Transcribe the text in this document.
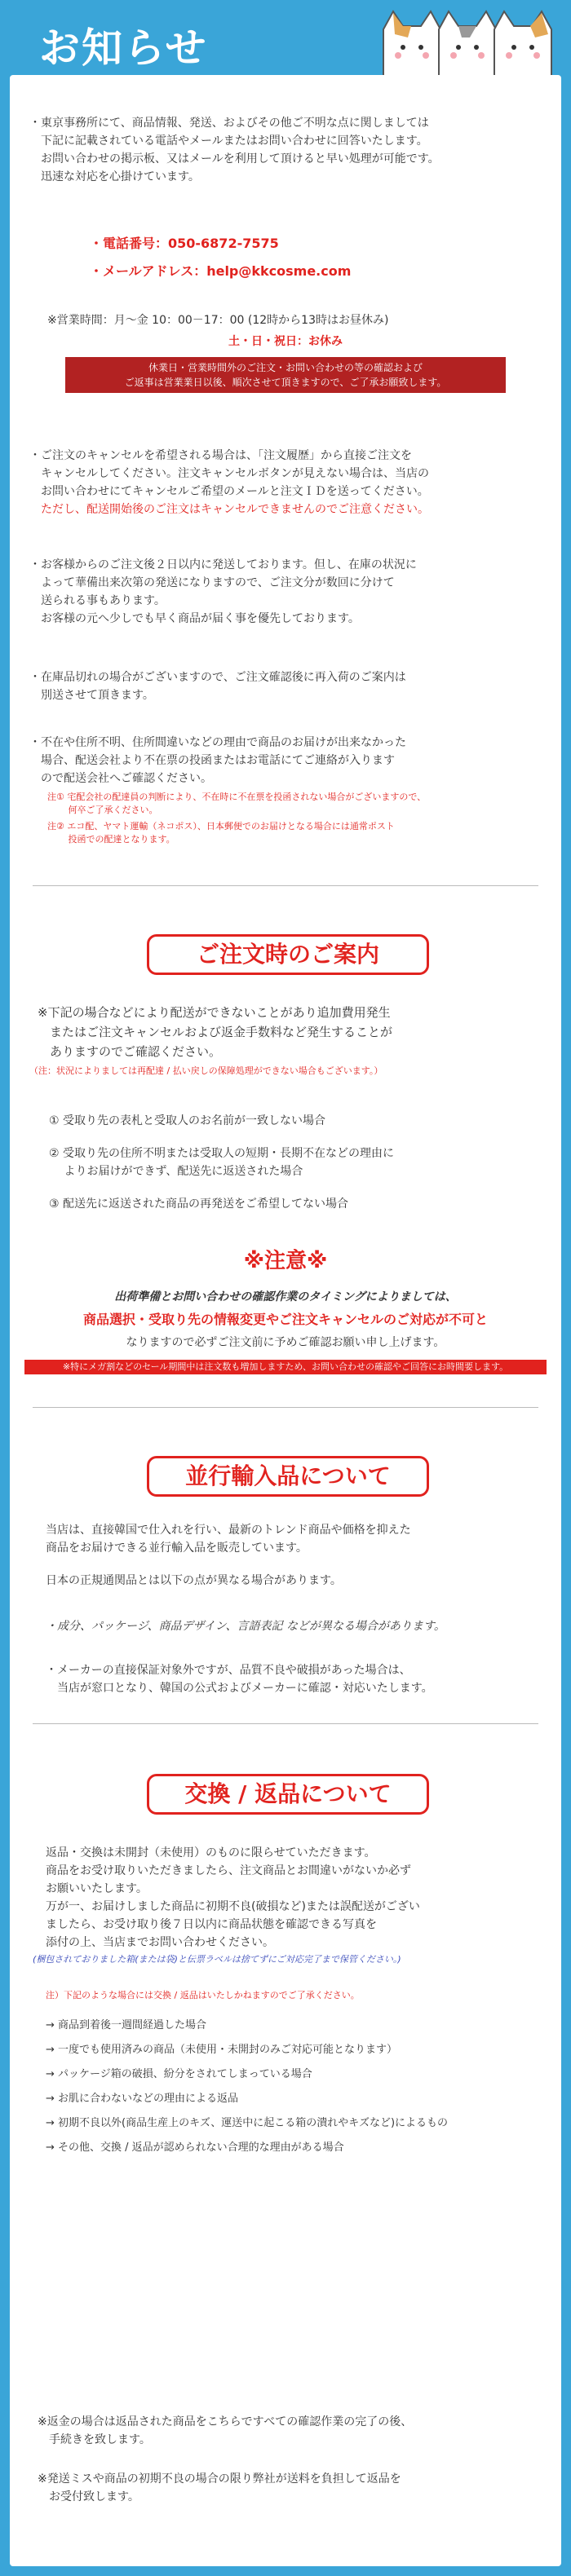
お知らせ
・東京事務所にて、商品情報、発送、およびその他ご不明な点に関しましては
　下記に記載されている電話やメールまたはお問い合わせに回答いたします。
　お問い合わせの掲示板、又はメールを利用して頂けると早い処理が可能です。
　迅速な対応を心掛けています。
・電話番号：050-6872-7575
・メールアドレス：help@kkcosme.com
※営業時間：月～金 10：00－17：00 (12時から13時はお昼休み)
土・日・祝日：お休み
休業日・営業時間外のご注文・お問い合わせの等の確認および
ご返事は営業業日以後、順次させて頂きますので、ご了承お願致します。
・ご注文のキャンセルを希望される場合は、「注文履歴」から直接ご注文を
　キャンセルしてください。注文キャンセルボタンが見えない場合は、当店の
　お問い合わせにてキャンセルご希望のメールと注文ＩＤを送ってください。
　ただし、配送開始後のご注文はキャンセルできませんのでご注意ください。
・お客様からのご注文後２日以内に発送しております。但し、在庫の状況に
　よって華備出来次第の発送になりますので、ご注文分が数回に分けて
　送られる事もあります。
　お客様の元へ少しでも早く商品が届く事を優先しております。
・在庫品切れの場合がございますので、ご注文確認後に再入荷のご案内は
　別送させて頂きます。
・不在や住所不明、住所間違いなどの理由で商品のお届けが出来なかった
　場合、配送会社より不在票の投函またはお電話にてご連絡が入ります
　ので配送会社へご確認ください。
注① 宅配会社の配達員の判断により、不在時に不在票を投函されない場合がございますので、
　　 何卒ご了承ください。
注② エコ配、ヤマト運輸（ネコポス）、日本郵便でのお届けとなる場合には通常ポスト
　　 投函での配達となります。
ご注文時のご案内
※下記の場合などにより配送ができないことがあり追加費用発生
　またはご注文キャンセルおよび返金手数料など発生することが
　ありますのでご確認ください。
（注：状況によりましては再配達 / 払い戻しの保障処理ができない場合もございます。）
① 受取り先の表札と受取人のお名前が一致しない場合
② 受取り先の住所不明または受取人の短期・長期不在などの理由に
　 よりお届けができず、配送先に返送された場合
③ 配送先に返送された商品の再発送をご希望してない場合
※注意※
出荷準備とお問い合わせの確認作業のタイミングによりましては、
商品選択・受取り先の情報変更やご注文キャンセルのご対応が不可と
なりますので必ずご注文前に予めご確認お願い申し上げます。
※特にメガ割などのセール期間中は注文数も増加しますため、お問い合わせの確認やご回答にお時間要します。
並行輸入品について
当店は、直接韓国で仕入れを行い、最新のトレンド商品や価格を抑えた
商品をお届けできる並行輸入品を販売しています。
日本の正規通関品とは以下の点が異なる場合があります。
・成分、パッケージ、商品デザイン、言語表記 などが異なる場合があります。
・メーカーの直接保証対象外ですが、品質不良や破損があった場合は、
　当店が窓口となり、韓国の公式およびメーカーに確認・対応いたします。
交換 / 返品について
返品・交換は未開封（未使用）のものに限らせていただきます。
商品をお受け取りいただきましたら、注文商品とお間違いがないか必ず
お願いいたします。
万が一、お届けしました商品に初期不良(破損など)または誤配送がござい
ましたら、お受け取り後７日以内に商品状態を確認できる写真を
添付の上、当店までお問い合わせください。
(梱包されておりました箱(または袋)と伝票ラベルは捨てずにご対応完了まで保管ください。)
注）下記のような場合には交換 / 返品はいたしかねますのでご了承ください。
→ 商品到着後一週間経過した場合
→ 一度でも使用済みの商品（未使用・未開封のみご対応可能となります）
→ パッケージ箱の破損、紛分をされてしまっている場合
→ お肌に合わないなどの理由による返品
→ 初期不良以外(商品生産上のキズ、運送中に起こる箱の潰れやキズなど)によるもの
→ その他、交換 / 返品が認められない合理的な理由がある場合
※返金の場合は返品された商品をこちらですべての確認作業の完了の後、
　手続きを致します。
※発送ミスや商品の初期不良の場合の限り弊社が送料を負担して返品を
　お受付致します。
